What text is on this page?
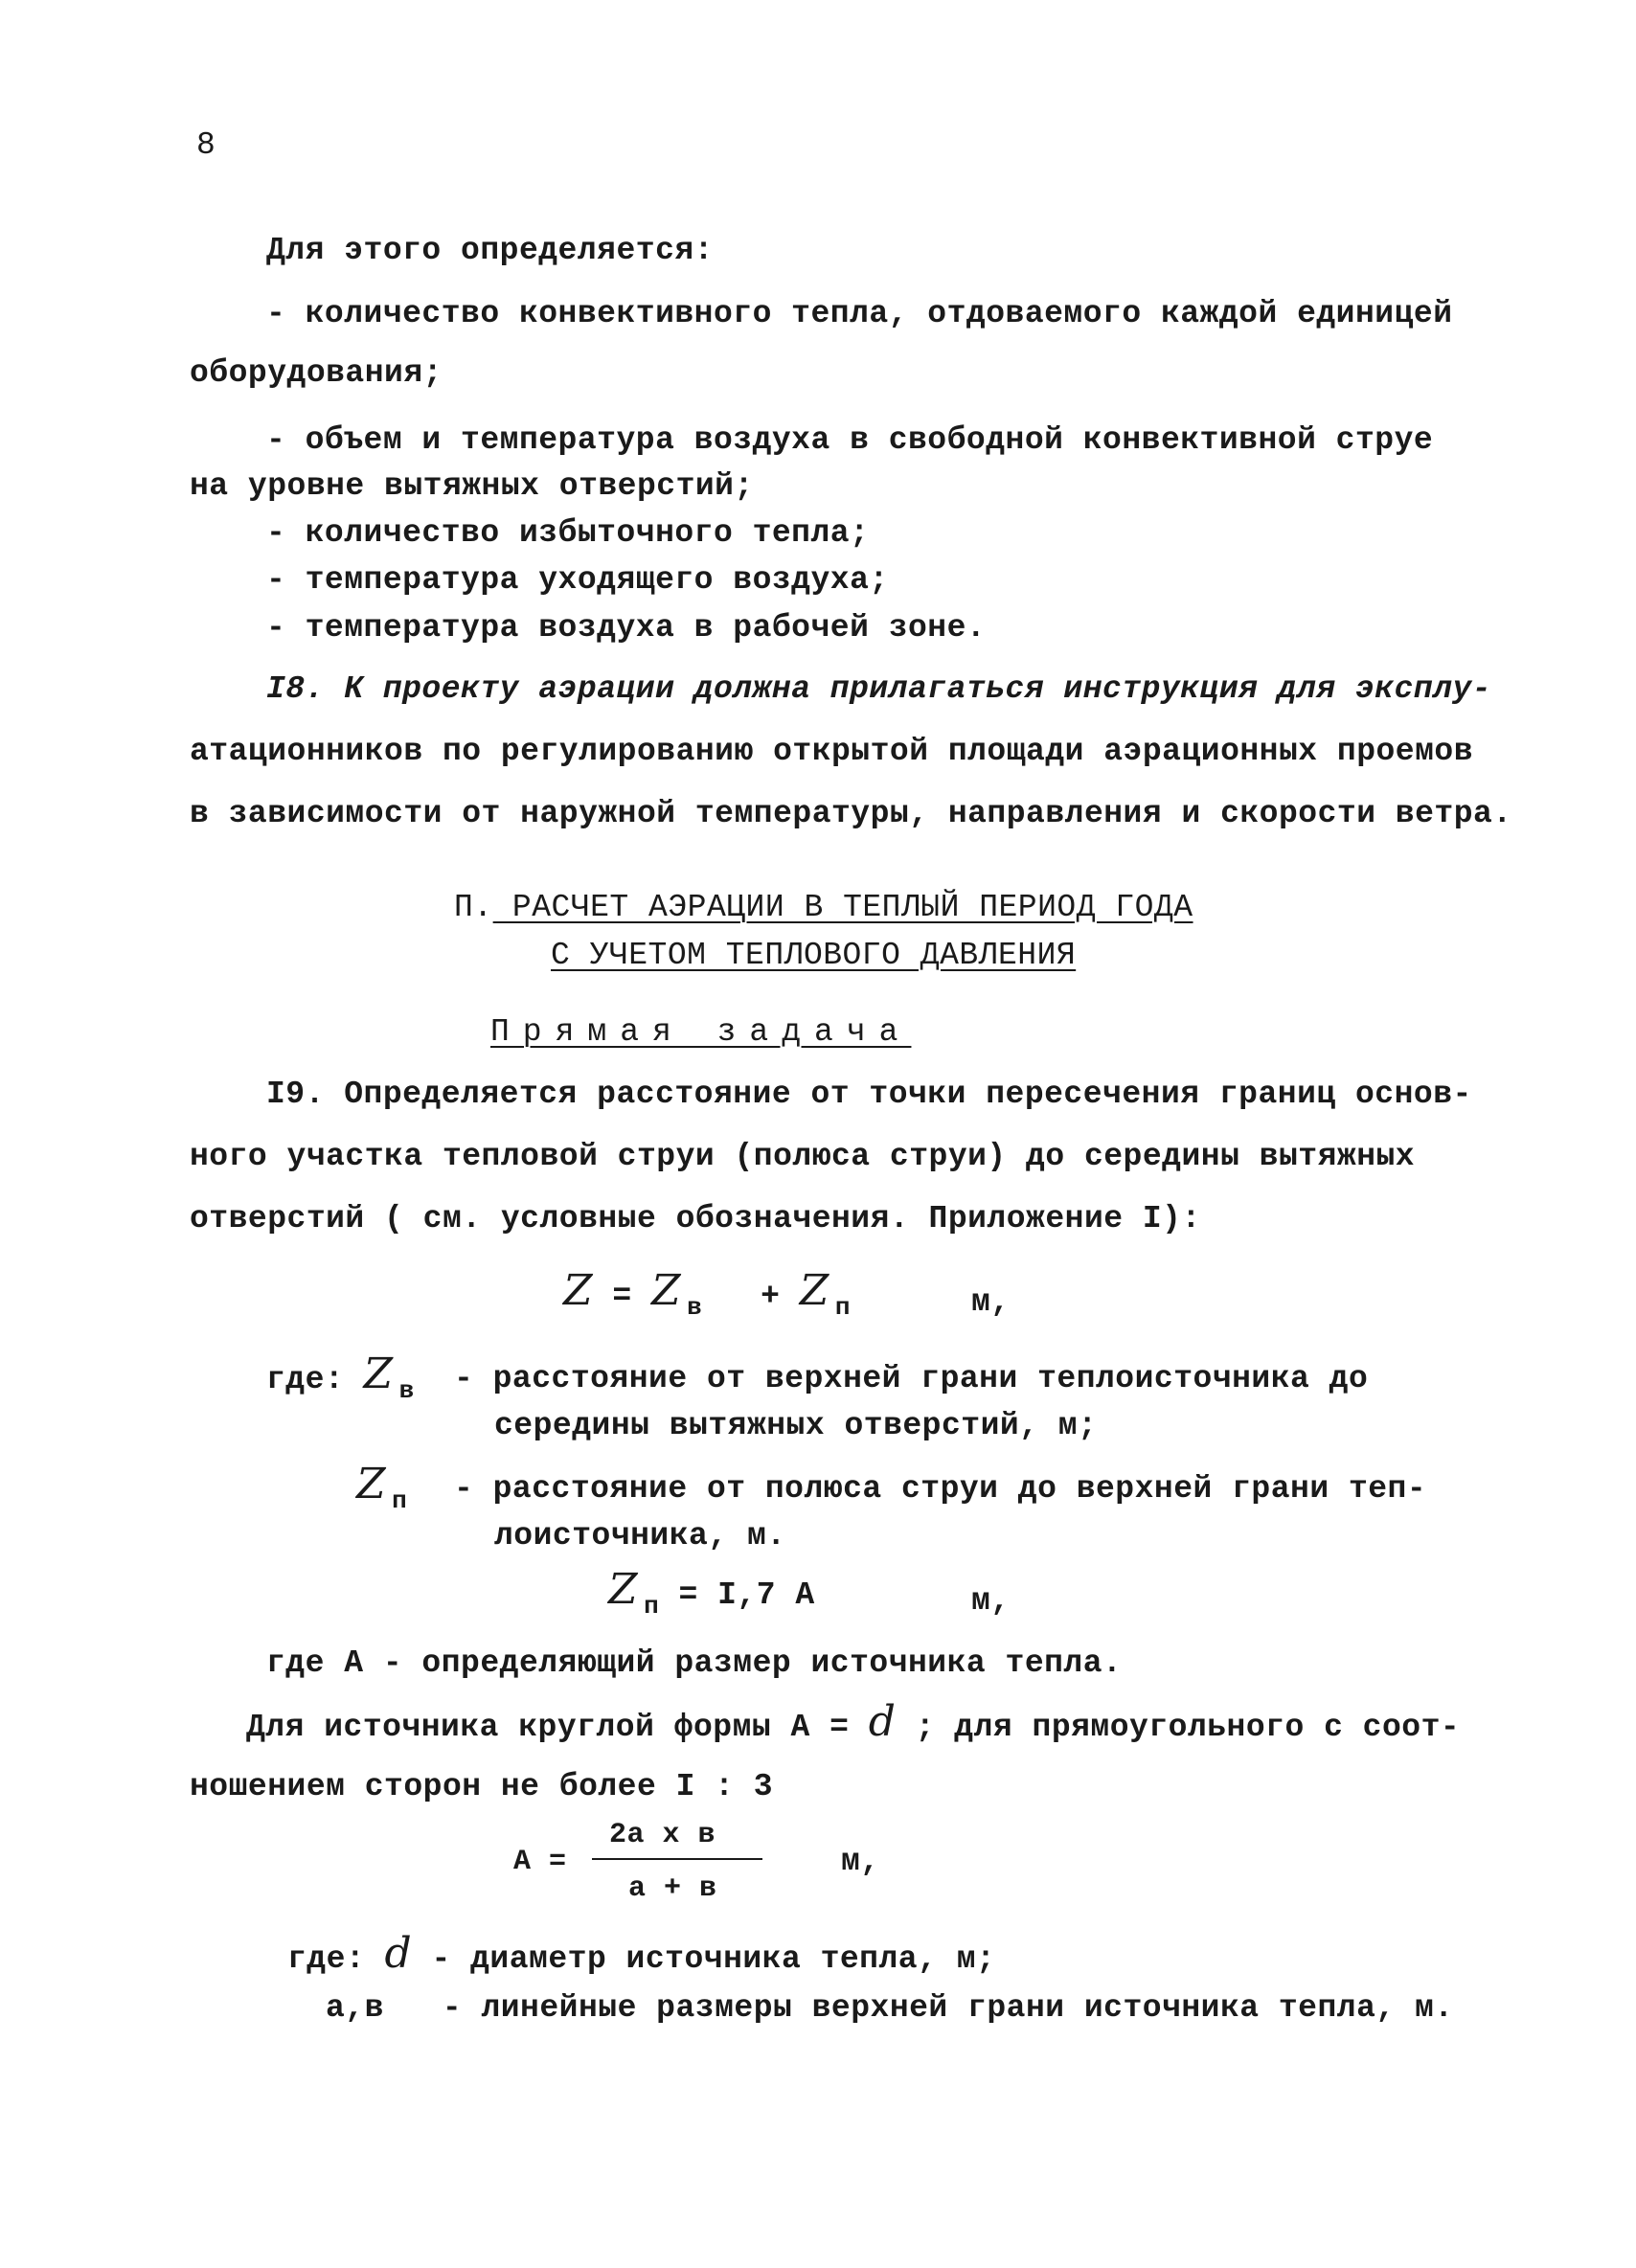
8
Для этого определяется:
- количество конвективного тепла, отдоваемого каждой единицей
оборудования;
- объем и температура воздуха в свободной конвективной струе
на уровне вытяжных отверстий;
- количество избыточного тепла;
- температура уходящего воздуха;
- температура воздуха в рабочей зоне.
I8. К проекту аэрации должна прилагаться инструкция для эксплу-
атационников по регулированию открытой площади аэрационных проемов
в зависимости от наружной температуры, направления и скорости ветра.
П. РАСЧЕТ АЭРАЦИИ В ТЕПЛЫЙ ПЕРИОД ГОДА
С УЧЕТОМ ТЕПЛОВОГО ДАВЛЕНИЯ
Прямая задача
I9. Определяется расстояние от точки пересечения границ основ-
ного участка тепловой струи (полюса струи) до середины вытяжных
отверстий ( см. условные обозначения. Приложение I):
Z = Z $_в$ + Z $_п$	м,
где: Z $_в$ - расстояние от верхней грани теплоисточника до
середины вытяжных отверстий, м;
Z $_п$ - расстояние от полюса струи до верхней грани теп-
лоисточника, м.
Z $_п$ = I,7 А	м,
где А - определяющий размер источника тепла.
Для источника круглой формы А = d ; для прямоугольного с соот-
ношением сторон не более I : 3
А =
2а х в
а + в
м,
где: d - диаметр источника тепла, м;
а,в - линейные размеры верхней грани источника тепла, м.
